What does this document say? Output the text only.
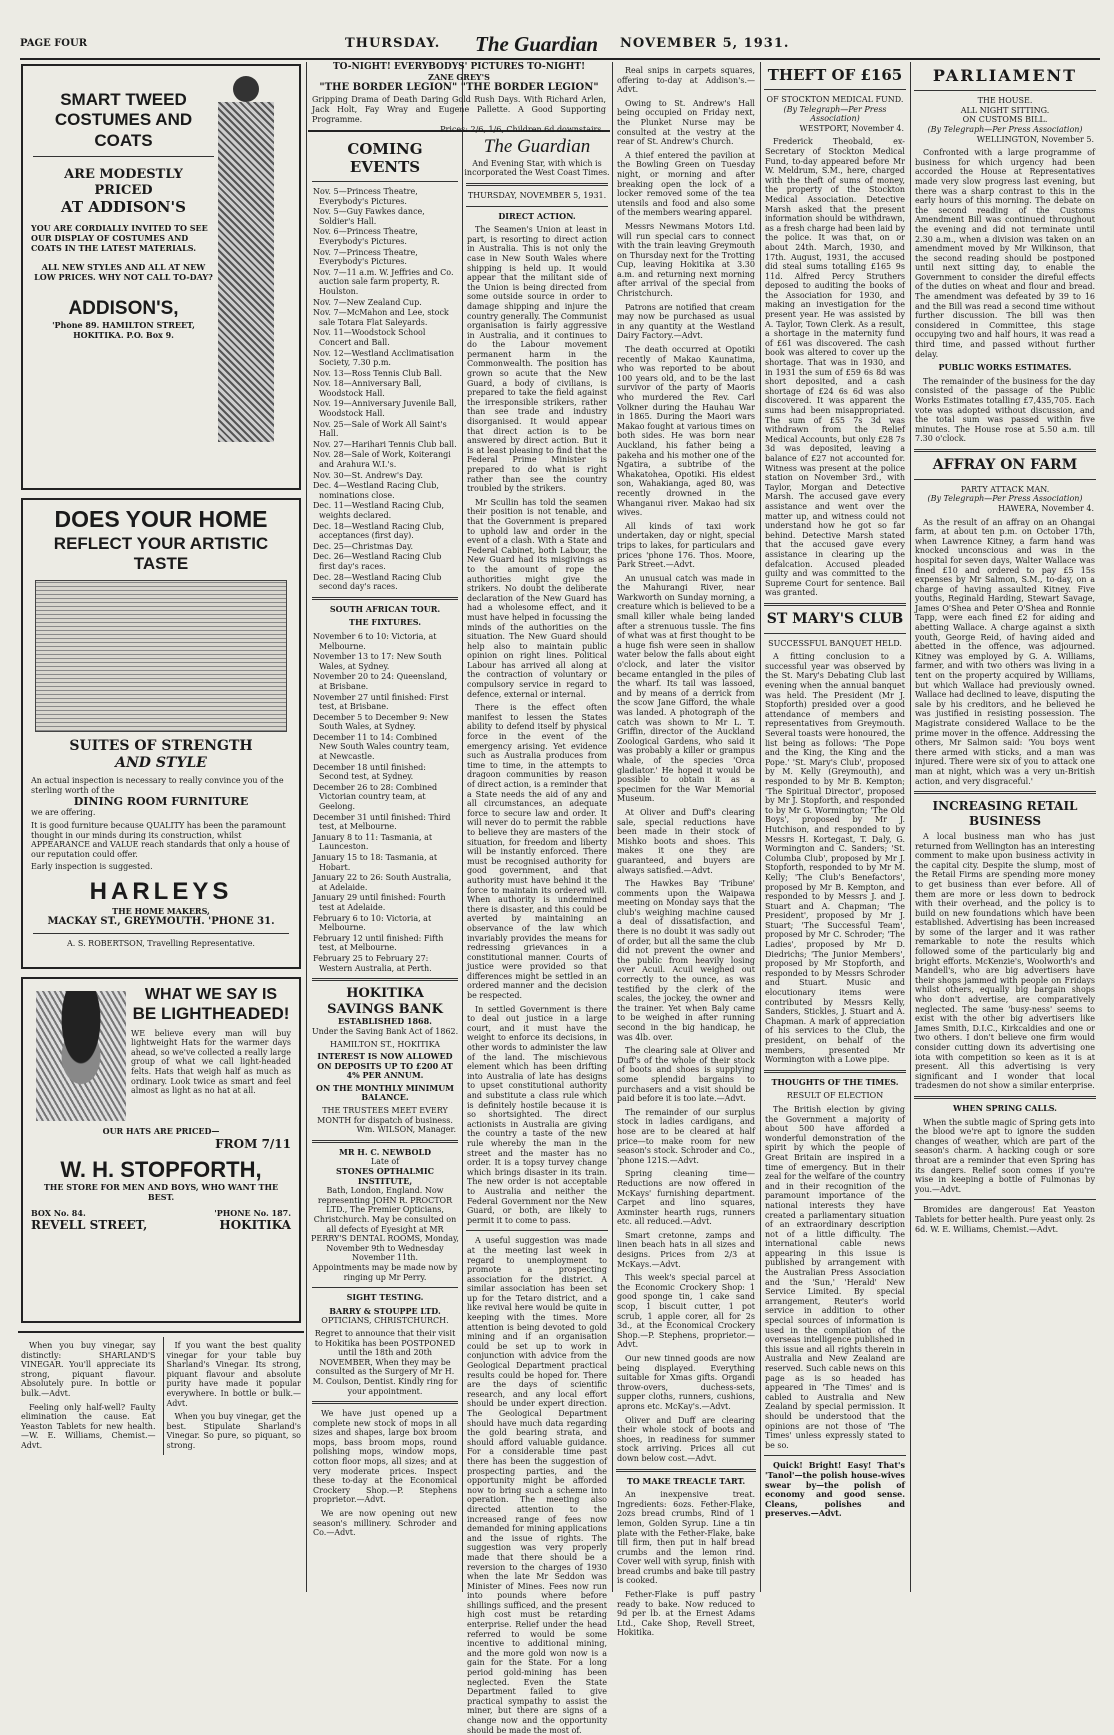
PAGE FOUR	THURSDAY. The Guardian NOVEMBER 5, 1931.
SMART TWEED
COSTUMES AND
COATS
ARE MODESTLY
PRICED
AT ADDISON'S
YOU ARE CORDIALLY INVITED TO SEE OUR DISPLAY OF COSTUMES AND COATS IN THE LATEST MATERIALS.
ALL NEW STYLES AND ALL AT NEW LOW PRICES. WHY NOT CALL TO-DAY?
ADDISON'S,
'Phone 89. HAMILTON STREET, HOKITIKA. P.O. Box 9.
DOES YOUR HOME
REFLECT YOUR ARTISTIC
TASTE
SUITES OF STRENGTH
AND STYLE
An actual inspection is necessary to really convince you of the sterling worth of the
DINING ROOM FURNITURE
we are offering.
It is good furniture because QUALITY has been the paramount thought in our minds during its construction, whilst APPEARANCE and VALUE reach standards that only a house of our reputation could offer.
Early inspection is suggested.
HARLEYS
THE HOME MAKERS,
MACKAY ST., GREYMOUTH. 'PHONE 31.
A. S. ROBERTSON, Travelling Representative.
WHAT WE SAY IS
BE LIGHTHEADED!
WE believe every man will buy lightweight Hats for the warmer days ahead, so we've collected a really large group of what we call light-headed felts. Hats that weigh half as much as ordinary. Look twice as smart and feel almost as light as no hat at all.
OUR HATS ARE PRICED—
FROM 7/11
W. H. STOPFORTH,
THE STORE FOR MEN AND BOYS, WHO WANT THE BEST.
BOX No. 84.	'PHONE No. 187.
REVELL STREET,	HOKITIKA
When you buy vinegar, say distinctly: SHARLAND'S VINEGAR. You'll appreciate its strong, piquant flavour. Absolutely pure. In bottle or bulk.—Advt.
Feeling only half-well? Faulty elimination the cause. Eat Yeaston Tablets for new health.—W. E. Williams, Chemist.—Advt.
If you want the best quality vinegar for your table buy Sharland's Vinegar. Its strong, piquant flavour and absolute purity have made it popular everywhere. In bottle or bulk.—Advt.
When you buy vinegar, get the best. Stipulate Sharland's Vinegar. So pure, so piquant, so strong.
TO-NIGHT! EVERYBODYS' PICTURES TO-NIGHT!
ZANE GREY'S
"THE BORDER LEGION" "THE BORDER LEGION"
Gripping Drama of Death Daring Gold Rush Days. With Richard Arlen, Jack Holt, Fay Wray and Eugene Pallette. A Good Supporting Programme.
Prices: 2/6, 1/6, Children 6d downstairs.
COMING EVENTS
Nov. 5—Princess Theatre, Everybody's Pictures.
Nov. 5—Guy Fawkes dance, Soldier's Hall.
Nov. 6—Princess Theatre, Everybody's Pictures.
Nov. 7—Princess Theatre, Everybody's Pictures.
Nov. 7—11 a.m. W. Jeffries and Co. auction sale farm property, R. Houlston.
Nov. 7—New Zealand Cup.
Nov. 7—McMahon and Lee, stock sale Totara Flat Saleyards.
Nov. 11—Woodstock School Concert and Ball.
Nov. 12—Westland Acclimatisation Society, 7.30 p.m.
Nov. 13—Ross Tennis Club Ball.
Nov. 18—Anniversary Ball, Woodstock Hall.
Nov. 19—Anniversary Juvenile Ball, Woodstock Hall.
Nov. 25—Sale of Work All Saint's Hall.
Nov. 27—Harihari Tennis Club ball.
Nov. 28—Sale of Work, Koiterangi and Arahura W.I.'s.
Nov. 30—St. Andrew's Day.
Dec. 4—Westland Racing Club, nominations close.
Dec. 11—Westland Racing Club, weights declared.
Dec. 18—Westland Racing Club, acceptances (first day).
Dec. 25—Christmas Day.
Dec. 26—Westland Racing Club first day's races.
Dec. 28—Westland Racing Club second day's races.
SOUTH AFRICAN TOUR.
THE FIXTURES.
November 6 to 10: Victoria, at Melbourne.
November 13 to 17: New South Wales, at Sydney.
November 20 to 24: Queensland, at Brisbane.
November 27 until finished: First test, at Brisbane.
December 5 to December 9: New South Wales, at Sydney.
December 11 to 14: Combined New South Wales country team, at Newcastle.
December 18 until finished: Second test, at Sydney.
December 26 to 28: Combined Victorian country team, at Geelong.
December 31 until finished: Third test, at Melbourne.
January 8 to 11: Tasmania, at Launceston.
January 15 to 18: Tasmania, at Hobart.
January 22 to 26: South Australia, at Adelaide.
January 29 until finished: Fourth test at Adelaide.
February 6 to 10: Victoria, at Melbourne.
February 12 until finished: Fifth test, at Melbourne.
February 25 to February 27: Western Australia, at Perth.
HOKITIKA
SAVINGS BANK
ESTABLISHED 1868.
Under the Saving Bank Act of 1862.
HAMILTON ST., HOKITIKA
INTEREST IS NOW ALLOWED ON DEPOSITS UP TO £200 AT 4% PER ANNUM.
ON THE MONTHLY MINIMUM BALANCE.
THE TRUSTEES MEET EVERY MONTH for dispatch of business.
Wm. WILSON, Manager.
MR H. C. NEWBOLD
Late of
STONES OPTHALMIC INSTITUTE,
Bath, London, England. Now representing JOHN R. PROCTOR LTD., The Premier Opticians, Christchurch. May be consulted on all defects of Eyesight at MR PERRY'S DENTAL ROOMS, Monday, November 9th to Wednesday November 11th.
Appointments may be made now by ringing up Mr Perry.
SIGHT TESTING.
BARRY & STOUPPE LTD.
OPTICIANS, CHRISTCHURCH.
Regret to announce that their visit to Hokitika has been POSTPONED until the 18th and 20th NOVEMBER, When they may be consulted as the Surgery of Mr H. M. Coulson, Dentist. Kindly ring for your appointment.
We have just opened up a complete new stock of mops in all sizes and shapes, large box broom mops, bass broom mops, round polishing mops, window mops, cotton floor mops, all sizes; and at very moderate prices. Inspect these to-day at the Economical Crockery Shop.—P. Stephens proprietor.—Advt.
We are now opening out new season's millinery. Schroder and Co.—Advt.
The Guardian
And Evening Star, with which is incorporated the West Coast Times.
THURSDAY, NOVEMBER 5, 1931.
DIRECT ACTION.
The Seamen's Union at least in part, is resorting to direct action in Australia. This is not only the case in New South Wales where shipping is held up. It would appear that the militant side of the Union is being directed from some outside source in order to damage shipping and injure the country generally. The Communist organisation is fairly aggressive in Australia, and it continues to do the Labour movement permanent harm in the Commonwealth. The position has grown so acute that the New Guard, a body of civilians, is prepared to take the field against the irresponsible strikers, rather than see trade and industry disorganised. It would appear that direct action is to be answered by direct action. But it is at least pleasing to find that the Federal Prime Minister is prepared to do what is right rather than see the country troubled by the strikers.
Mr Scullin has told the seamen their position is not tenable, and that the Government is prepared to uphold law and order in the event of a clash. With a State and Federal Cabinet, both Labour, the New Guard had its misgivings as to the amount of rope the authorities might give the strikers. No doubt the deliberate declaration of the New Guard has had a wholesome effect, and it must have helped in focussing the minds of the authorities on the situation. The New Guard should help also to maintain public opinion on right lines. Political Labour has arrived all along at the contraction of voluntary or compulsory service in regard to defence, external or internal.
There is the effect often manifest to lessen the States ability to defend itself by physical force in the event of the emergency arising. Yet evidence such as Australia produces from time to time, in the attempts to dragoon communities by reason of direct action, is a reminder that a State needs the aid of any and all circumstances, an adequate force to secure law and order. It will never do to permit the rabble to believe they are masters of the situation, for freedom and liberty will be instantly enforced. There must be recognised authority for good government, and that authority must have behind it the force to maintain its ordered will. When authority is undermined there is disaster, and this could be averted by maintaining an observance of the law which invariably provides the means for redressing grievances in a constitutional manner. Courts of justice were provided so that differences might be settled in an ordered manner and the decision be respected.
In settled Government is there to deal out justice in a large court, and it must have the weight to enforce its decisions, in other words to administer the law of the land. The mischievous element which has been drifting into Australia of late has designs to upset constitutional authority and substitute a class rule which is definitely hostile because it is so shortsighted. The direct actionists in Australia are giving the country a taste of the new rule whereby the man in the street and the master has no order. It is a topsy turvey change which brings disaster in its train. The new order is not acceptable to Australia and neither the Federal Government nor the New Guard, or both, are likely to permit it to come to pass.
A useful suggestion was made at the meeting last week in regard to unemployment to promote a prospecting association for the district. A similar association has been set up for the Tetaro district, and a like revival here would be quite in keeping with the times. More attention is being devoted to gold mining and if an organisation could be set up to work in conjunction with advice from the Geological Department practical results could be hoped for. There are the days of scientific research, and any local effort should be under expert direction. The Geological Department should have much data regarding the gold bearing strata, and should afford valuable guidance. For a considerable time past there has been the suggestion of prospecting parties, and the opportunity might be afforded now to bring such a scheme into operation. The meeting also directed attention to the increased range of fees now demanded for mining applications and the issue of rights. The suggestion was very properly made that there should be a reversion to the charges of 1930 when the late Mr Seddon was Minister of Mines. Fees now run into pounds where before shillings sufficed, and the present high cost must be retarding enterprise. Relief under the head referred to would be some incentive to additional mining, and the more gold won now is a gain for the State. For a long period gold-mining has been neglected. Even the State Department failed to give practical sympathy to assist the miner, but there are signs of a change now and the opportunity should be made the most of.
Real snips in carpets squares, offering to-day at Addison's.—Advt.
Owing to St. Andrew's Hall being occupied on Friday next, the Plunket Nurse may be consulted at the vestry at the rear of St. Andrew's Church.
A thief entered the pavilion at the Bowling Green on Tuesday night, or morning and after breaking open the lock of a locker removed some of the tea utensils and food and also some of the members wearing apparel.
Messrs Newmans Motors Ltd. will run special cars to connect with the train leaving Greymouth on Thursday next for the Trotting Cup, leaving Hokitika at 3.30 a.m. and returning next morning after arrival of the special from Christchurch.
Patrons are notified that cream may now be purchased as usual in any quantity at the Westland Dairy Factory.—Advt.
The death occurred at Opotiki recently of Makao Kaunatima, who was reported to be about 100 years old, and to be the last survivor of the party of Maoris who murdered the Rev. Carl Volkner during the Hauhau War in 1865. During the Maori wars Makao fought at various times on both sides. He was born near Auckland, his father being a pakeha and his mother one of the Ngatira, a subtribe of the Whakatohea, Opotiki. His eldest son, Wahakianga, aged 80, was recently drowned in the Whanganui river. Makao had six wives.
All kinds of taxi work undertaken, day or night, special trips to lakes, for particulars and prices 'phone 176. Thos. Moore, Park Street.—Advt.
An unusual catch was made in the Mahurangi River, near Warkworth on Sunday morning, a creature which is believed to be a small killer whale being landed after a strenuous tussle. The fins of what was at first thought to be a huge fish were seen in shallow water below the falls about eight o'clock, and later the visitor became entangled in the piles of the wharf. Its tail was lassoed, and by means of a derrick from the scow Jane Gifford, the whale was landed. A photograph of the catch was shown to Mr L. T. Griffin, director of the Auckland Zoological Gardens, who said it was probably a killer or grampus whale, of the species 'Orca gladiator.' He hoped it would be possible to obtain it as a specimen for the War Memorial Museum.
At Oliver and Duff's clearing sale, special reductions have been made in their stock of Mishko boots and shoes. This makes it one they are guaranteed, and buyers are always satisfied.—Advt.
The Hawkes Bay 'Tribune' comments upon the Waipawa meeting on Monday says that the club's weighing machine caused a deal of dissatisfaction, and there is no doubt it was sadly out of order, but all the same the club did not prevent the owner and the public from heavily losing over Acuil. Acuil weighed out correctly to the ounce, as was testified by the clerk of the scales, the jockey, the owner and the trainer. Yet when Baly came to be weighed in after running second in the big handicap, he was 4lb. over.
The clearing sale at Oliver and Duff's of the whole of their stock of boots and shoes is supplying some splendid bargains to purchasers and a visit should be paid before it is too late.—Advt.
The remainder of our surplus stock in ladies cardigans, and hose are to be cleared at half price—to make room for new season's stock. Schroder and Co., 'phone 121S.—Advt.
Spring cleaning time—Reductions are now offered in McKays' furnishing department. Carpet and lino squares, Axminster hearth rugs, runners etc. all reduced.—Advt.
Smart cretonne, zamps and linen beach hats in all sizes and designs. Prices from 2/3 at McKays.—Advt.
This week's special parcel at the Economic Crockery Shop: 1 good sponge tin, 1 cake sand scop, 1 biscuit cutter, 1 pot scrub, 1 apple corer, all for 2s 3d., at the Economical Crockery Shop.—P. Stephens, proprietor.—Advt.
Our new tinned goods are now being displayed. Everything suitable for Xmas gifts. Organdi throw-overs, duchess-sets, supper cloths, runners, cushions, aprons etc. McKay's.—Advt.
Oliver and Duff are clearing their whole stock of boots and shoes, in readiness for summer stock arriving. Prices all cut down below cost.—Advt.
TO MAKE TREACLE TART.
An inexpensive treat. Ingredients: 6ozs. Fether-Flake, 2ozs bread crumbs, Rind of 1 lemon, Golden Syrup. Line a tin plate with the Fether-Flake, bake till firm, then put in half bread crumbs and the lemon rind. Cover well with syrup, finish with bread crumbs and bake till pastry is cooked.
Fether-Flake is puff pastry ready to bake. Now reduced to 9d per lb. at the Ernest Adams Ltd., Cake Shop, Revell Street, Hokitika.
THEFT OF £165
OF STOCKTON MEDICAL FUND.
(By Telegraph—Per Press Association)
WESTPORT, November 4.
Frederick Theobald, ex-Secretary of Stockton Medical Fund, to-day appeared before Mr W. Meldrum, S.M., here, charged with the theft of sums of money, the property of the Stockton Medical Association. Detective Marsh asked that the present information should be withdrawn, as a fresh charge had been laid by the police. It was that, on or about 24th. March, 1930, and 17th. August, 1931, the accused did steal sums totalling £165 9s 11d. Alfred Percy Struthers deposed to auditing the books of the Association for 1930, and making an investigation for the present year. He was assisted by A. Taylor, Town Clerk. As a result, a shortage in the maternity fund of £61 was discovered. The cash book was altered to cover up the shortage. That was in 1930, and in 1931 the sum of £59 6s 8d was short deposited, and a cash shortage of £24 6s 6d was also discovered. It was apparent the sums had been misappropriated. The sum of £55 7s 3d was withdrawn from the Relief Medical Accounts, but only £28 7s 3d was deposited, leaving a balance of £27 not accounted for. Witness was present at the police station on November 3rd., with Taylor, Morgan and Detective Marsh. The accused gave every assistance and went over the matter up, and witness could not understand how he got so far behind. Detective Marsh stated that the accused gave every assistance in clearing up the defalcation. Accused pleaded guilty and was committed to the Supreme Court for sentence. Bail was granted.
ST MARY'S CLUB
SUCCESSFUL BANQUET HELD.
A fitting conclusion to a successful year was observed by the St. Mary's Debating Club last evening when the annual banquet was held. The President (Mr J. Stopforth) presided over a good attendance of members and representatives from Greymouth. Several toasts were honoured, the list being as follows: 'The Pope and the King, the King and the Pope.' 'St. Mary's Club', proposed by M. Kelly (Greymouth), and responded to by Mr B. Kempton; 'The Spiritual Director', proposed by Mr J. Stopforth, and responded to by Mr G. Wormington; 'The Old Boys', proposed by Mr J. Hutchison, and responded to by Messrs H. Kortegast, T. Daly, G. Wormington and C. Sanders; 'St. Columba Club', proposed by Mr J. Stopforth, responded to by Mr M. Kelly; 'The Club's Benefactors', proposed by Mr B. Kempton, and responded to by Messrs J. and J. Stuart and A. Chapman; 'The President', proposed by Mr J. Stuart; 'The Successful Team', proposed by Mr C. Schroder; 'The Ladies', proposed by Mr D. Diedrichs; 'The Junior Members', proposed by Mr Stopforth, and responded to by Messrs Schroder and Stuart. Music and elocutionary items were contributed by Messrs Kelly, Sanders, Stickles, J. Stuart and A. Chapman. A mark of appreciation of his services to the Club, the president, on behalf of the members, presented Mr Wormington with a Lowe pipe.
THOUGHTS OF THE TIMES.
RESULT OF ELECTION
The British election by giving the Government a majority of about 500 have afforded a wonderful demonstration of the spirit by which the people of Great Britain are inspired in a time of emergency. But in their zeal for the welfare of the country and in their recognition of the paramount importance of the national interests they have created a parliamentary situation of an extraordinary description not of a little difficulty. The international cable news appearing in this issue is published by arrangement with the Australian Press Association and the 'Sun,' 'Herald' New Service Limited. By special arrangement, Reuter's world service in addition to other special sources of information is used in the compilation of the overseas intelligence published in this issue and all rights therein in Australia and New Zealand are reserved. Such cable news on this page as is so headed has appeared in 'The Times' and is cabled to Australia and New Zealand by special permission. It should be understood that the opinions are not those of 'The Times' unless expressly stated to be so.
Quick! Bright! Easy! That's 'Tanol'—the polish house-wives swear by—the polish of economy and good sense. Cleans, polishes and preserves.—Advt.
PARLIAMENT
THE HOUSE.
ALL NIGHT SITTING.
ON CUSTOMS BILL.
(By Telegraph—Per Press Association)
WELLINGTON, November 5.
Confronted with a large programme of business for which urgency had been accorded the House at Representatives made very slow progress last evening, but there was a sharp contrast to this in the early hours of this morning. The debate on the second reading of the Customs Amendment Bill was continued throughout the evening and did not terminate until 2.30 a.m., when a division was taken on an amendment moved by Mr Wilkinson, that the second reading should be postponed until next sitting day, to enable the Government to consider the direful effects of the duties on wheat and flour and bread. The amendment was defeated by 39 to 16 and the Bill was read a second time without further discussion. The bill was then considered in Committee, this stage occupying two and half hours, it was read a third time, and passed without further delay.
PUBLIC WORKS ESTIMATES.
The remainder of the business for the day consisted of the passage of the Public Works Estimates totalling £7,435,705. Each vote was adopted without discussion, and the total sum was passed within five minutes. The House rose at 5.50 a.m. till 7.30 o'clock.
AFFRAY ON FARM
PARTY ATTACK MAN.
(By Telegraph—Per Press Association)
HAWERA, November 4.
As the result of an affray on an Ohangai farm, at about ten p.m. on October 17th, when Lawrence Kitney, a farm hand was knocked unconscious and was in the hospital for seven days, Walter Wallace was fined £10 and ordered to pay £5 15s expenses by Mr Salmon, S.M., to-day, on a charge of having assaulted Kitney. Five youths, Reginald Harding, Stewart Savage, James O'Shea and Peter O'Shea and Ronnie Tapp, were each fined £2 for aiding and abetting Wallace. A charge against a sixth youth, George Reid, of having aided and abetted in the offence, was adjourned. Kitney was employed by G. A. Williams, farmer, and with two others was living in a tent on the property acquired by Williams, but which Wallace had previously owned. Wallace had declined to leave, disputing the sale by his creditors, and he believed he was justified in resisting possession. The Magistrate considered Wallace to be the prime mover in the offence. Addressing the others, Mr Salmon said: 'You boys went there armed with sticks, and a man was injured. There were six of you to attack one man at night, which was a very un-British action, and very disgraceful.'
INCREASING RETAIL BUSINESS
A local business man who has just returned from Wellington has an interesting comment to make upon business activity in the capital city. Despite the slump, most of the Retail Firms are spending more money to get business than ever before. All of them are more or less down to bedrock with their overhead, and the policy is to build on new foundations which have been established. Advertising has been increased by some of the larger and it was rather remarkable to note the results which followed some of the particularly big and bright efforts. McKenzie's, Woolworth's and Mandell's, who are big advertisers have their shops jammed with people on Fridays whilst others, equally big bargain shops who don't advertise, are comparatively neglected. The same 'busy-ness' seems to exist with the other big advertisers like James Smith, D.I.C., Kirkcaldies and one or two others. I don't believe one firm would consider cutting down its advertising one iota with competition so keen as it is at present. All this advertising is very significant and I wonder that local tradesmen do not show a similar enterprise.
WHEN SPRING CALLS.
When the subtle magic of Spring gets into the blood we're apt to ignore the sudden changes of weather, which are part of the season's charm. A hacking cough or sore throat are a reminder that even Spring has its dangers. Relief soon comes if you're wise in keeping a bottle of Fulmonas by you.—Advt.
Bromides are dangerous! Eat Yeaston Tablets for better health. Pure yeast only. 2s 6d. W. E. Williams, Chemist.—Advt.
